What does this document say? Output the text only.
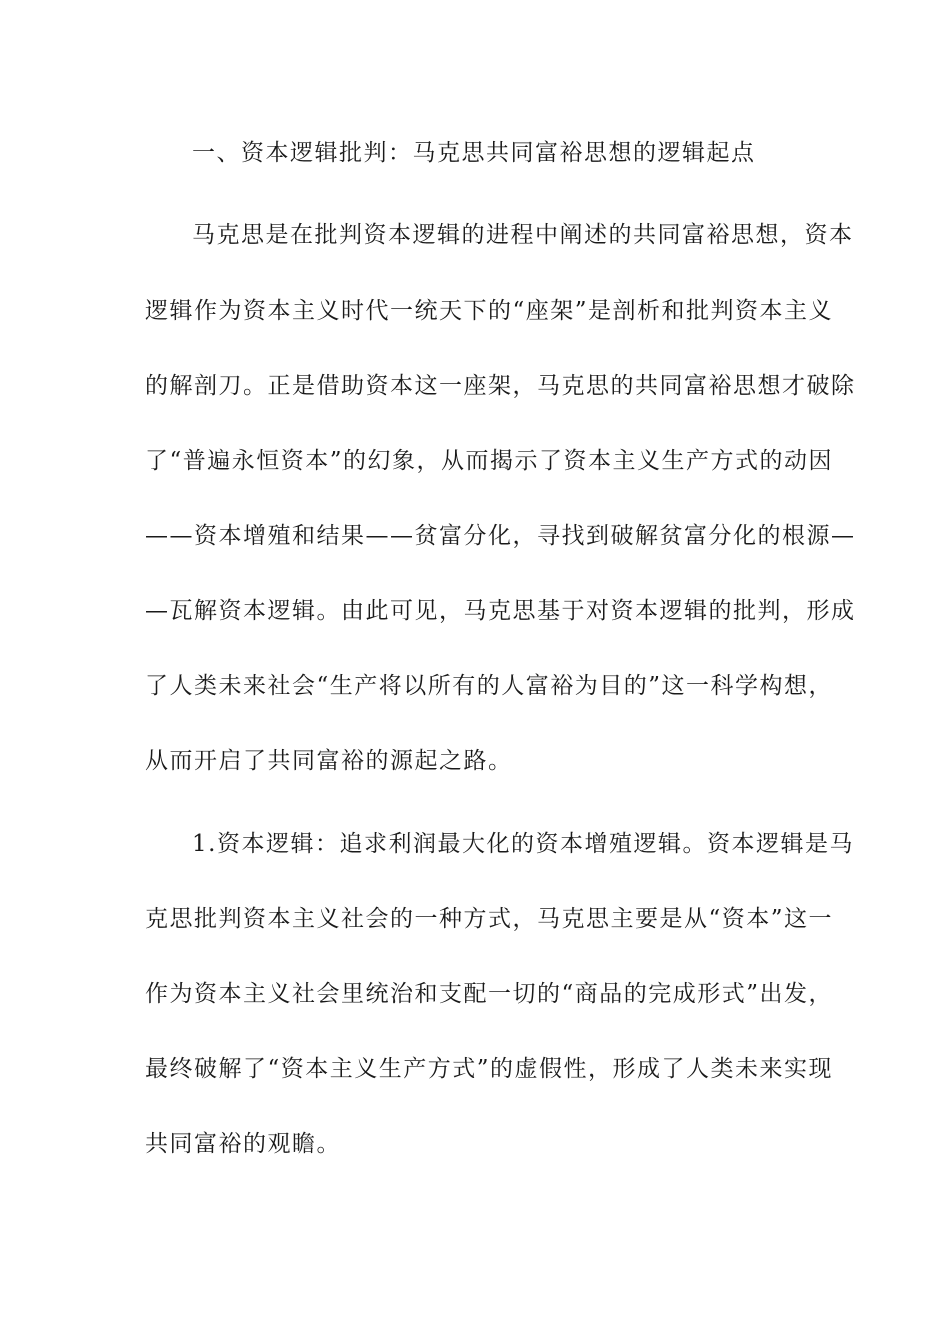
一、资本逻辑批判：马克思共同富裕思想的逻辑起点
马克思是在批判资本逻辑的进程中阐述的共同富裕思想，资本
逻辑作为资本主义时代一统天下的“座架”是剖析和批判资本主义
的解剖刀。正是借助资本这一座架，马克思的共同富裕思想才破除
了“普遍永恒资本”的幻象，从而揭示了资本主义生产方式的动因
——资本增殖和结果——贫富分化，寻找到破解贫富分化的根源—
—瓦解资本逻辑。由此可见，马克思基于对资本逻辑的批判，形成
了人类未来社会“生产将以所有的人富裕为目的”这一科学构想，
从而开启了共同富裕的源起之路。
1.资本逻辑：追求利润最大化的资本增殖逻辑。资本逻辑是马
克思批判资本主义社会的一种方式，马克思主要是从“资本”这一
作为资本主义社会里统治和支配一切的“商品的完成形式”出发，
最终破解了“资本主义生产方式”的虚假性，形成了人类未来实现
共同富裕的观瞻。
